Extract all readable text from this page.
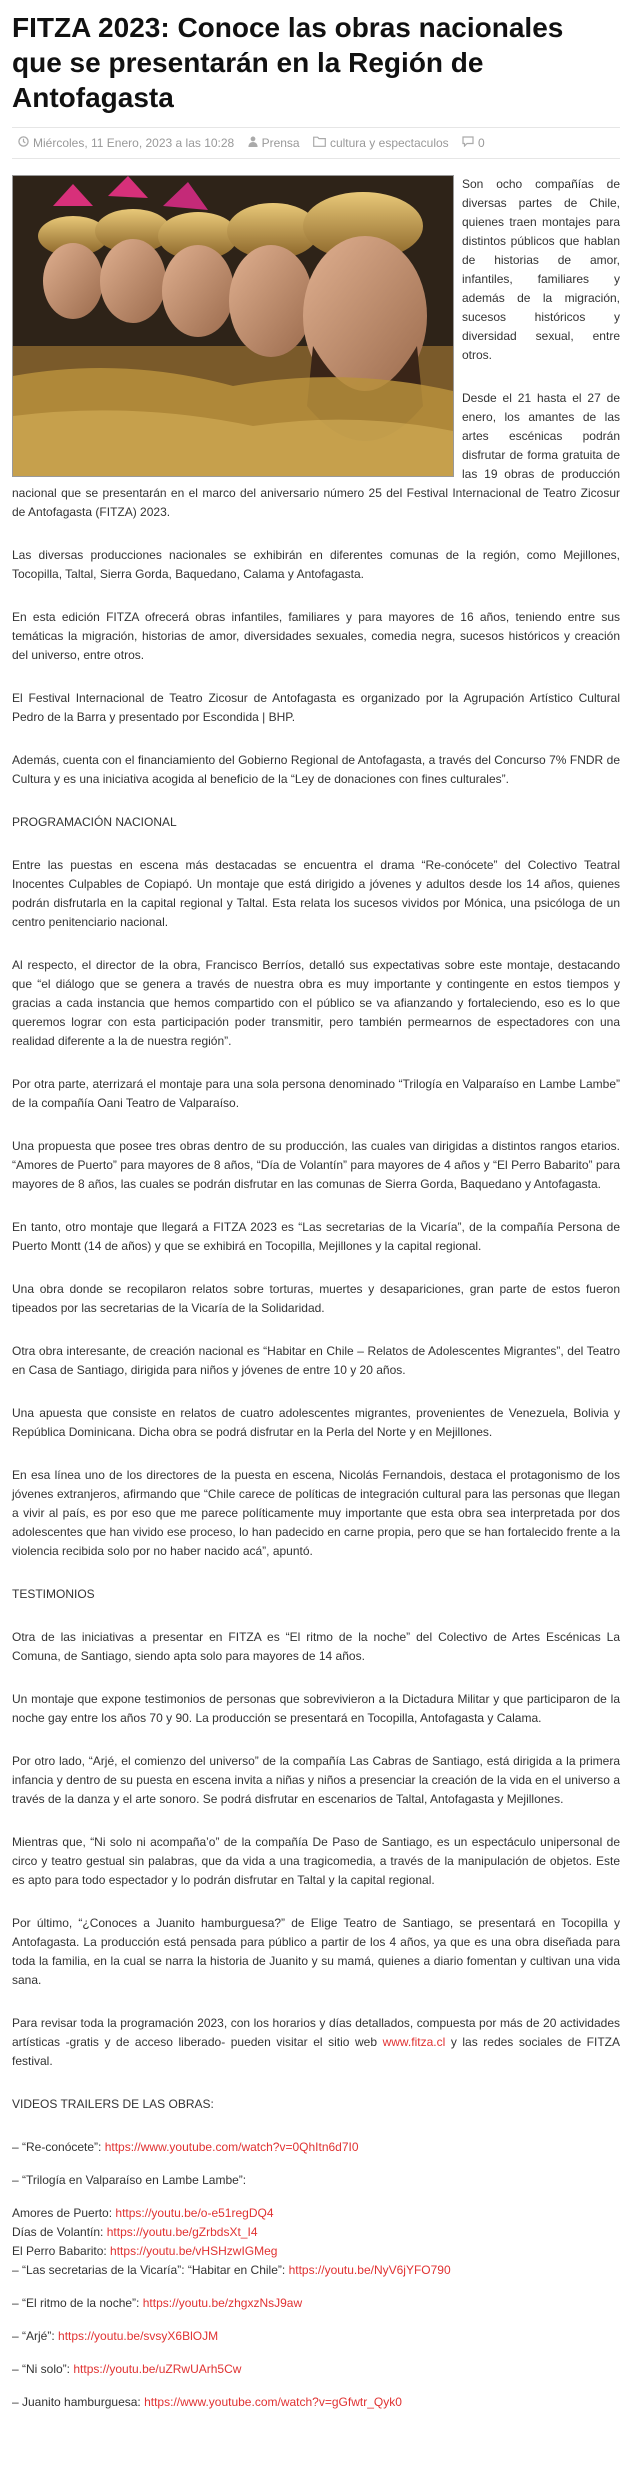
FITZA 2023: Conoce las obras nacionales que se presentarán en la Región de Antofagasta
Miércoles, 11 Enero, 2023 a las 10:28
Prensa
	cultura y espectaculos
0

Son ocho compañías de diversas partes de Chile, quienes traen montajes para distintos públicos que hablan de historias de amor, infantiles, familiares y además de la migración, sucesos históricos y diversidad sexual, entre otros.

Desde el 21 hasta el 27 de enero, los amantes de las artes escénicas podrán disfrutar de forma gratuita de las 19 obras de producción nacional que se presentarán en el marco del aniversario número 25 del Festival Internacional de Teatro Zicosur de Antofagasta (FITZA) 2023.

Las diversas producciones nacionales se exhibirán en diferentes comunas de la región, como Mejillones, Tocopilla, Taltal, Sierra Gorda, Baquedano, Calama y Antofagasta.

En esta edición FITZA ofrecerá obras infantiles, familiares y para mayores de 16 años, teniendo entre sus temáticas la migración, historias de amor, diversidades sexuales, comedia negra, sucesos históricos y creación del universo, entre otros.

El Festival Internacional de Teatro Zicosur de Antofagasta es organizado por la Agrupación Artístico Cultural Pedro de la Barra y presentado por Escondida | BHP.

Además, cuenta con el financiamiento del Gobierno Regional de Antofagasta, a través del Concurso 7% FNDR de Cultura y es una iniciativa acogida al beneficio de la “Ley de donaciones con fines culturales”.

PROGRAMACIÓN NACIONAL

Entre las puestas en escena más destacadas se encuentra el drama “Re-conócete” del Colectivo Teatral Inocentes Culpables de Copiapó. Un montaje que está dirigido a jóvenes y adultos desde los 14 años, quienes podrán disfrutarla en la capital regional y Taltal. Esta relata los sucesos vividos por Mónica, una psicóloga de un centro penitenciario nacional.

Al respecto, el director de la obra, Francisco Berríos, detalló sus expectativas sobre este montaje, destacando que “el diálogo que se genera a través de nuestra obra es muy importante y contingente en estos tiempos y gracias a cada instancia que hemos compartido con el público se va afianzando y fortaleciendo, eso es lo que queremos lograr con esta participación poder transmitir, pero también permearnos de espectadores con una realidad diferente a la de nuestra región”.

Por otra parte, aterrizará el montaje para una sola persona denominado “Trilogía en Valparaíso en Lambe Lambe” de la compañía Oani Teatro de Valparaíso.

Una propuesta que posee tres obras dentro de su producción, las cuales van dirigidas a distintos rangos etarios. “Amores de Puerto” para mayores de 8 años, “Día de Volantín” para mayores de 4 años y “El Perro Babarito” para mayores de 8 años, las cuales se podrán disfrutar en las comunas de Sierra Gorda, Baquedano y Antofagasta.

En tanto, otro montaje que llegará a FITZA 2023 es “Las secretarias de la Vicaría”, de la compañía Persona de Puerto Montt (14 de años) y que se exhibirá en Tocopilla, Mejillones y la capital regional.

Una obra donde se recopilaron relatos sobre torturas, muertes y desapariciones, gran parte de estos fueron tipeados por las secretarias de la Vicaría de la Solidaridad.

Otra obra interesante, de creación nacional es “Habitar en Chile – Relatos de Adolescentes Migrantes”, del Teatro en Casa de Santiago, dirigida para niños y jóvenes de entre 10 y 20 años.

Una apuesta que consiste en relatos de cuatro adolescentes migrantes, provenientes de Venezuela, Bolivia y República Dominicana. Dicha obra se podrá disfrutar en la Perla del Norte y en Mejillones.

En esa línea uno de los directores de la puesta en escena, Nicolás Fernandois, destaca el protagonismo de los jóvenes extranjeros, afirmando que “Chile carece de políticas de integración cultural para las personas que llegan a vivir al país, es por eso que me parece políticamente muy importante que esta obra sea interpretada por dos adolescentes que han vivido ese proceso, lo han padecido en carne propia, pero que se han fortalecido frente a la violencia recibida solo por no haber nacido acá”, apuntó.

TESTIMONIOS

Otra de las iniciativas a presentar en FITZA es “El ritmo de la noche” del Colectivo de Artes Escénicas La Comuna, de Santiago, siendo apta solo para mayores de 14 años.

Un montaje que expone testimonios de personas que sobrevivieron a la Dictadura Militar y que participaron de la noche gay entre los años 70 y 90. La producción se presentará en Tocopilla, Antofagasta y Calama.

Por otro lado, “Arjé, el comienzo del universo” de la compañía Las Cabras de Santiago, está dirigida a la primera infancia y dentro de su puesta en escena invita a niñas y niños a presenciar la creación de la vida en el universo a través de la danza y el arte sonoro. Se podrá disfrutar en escenarios de Taltal, Antofagasta y Mejillones.

Mientras que, “Ni solo ni acompaña’o” de la compañía De Paso de Santiago, es un espectáculo unipersonal de circo y teatro gestual sin palabras, que da vida a una tragicomedia, a través de la manipulación de objetos. Este es apto para todo espectador y lo podrán disfrutar en Taltal y la capital regional.

Por último, “¿Conoces a Juanito hamburguesa?” de Elige Teatro de Santiago, se presentará en Tocopilla y Antofagasta. La producción está pensada para público a partir de los 4 años, ya que es una obra diseñada para toda la familia, en la cual se narra la historia de Juanito y su mamá, quienes a diario fomentan y cultivan una vida sana.

Para revisar toda la programación 2023, con los horarios y días detallados, compuesta por más de 20 actividades artísticas -gratis y de acceso liberado- pueden visitar el sitio web www.fitza.cl y las redes sociales de FITZA festival.

VIDEOS TRAILERS DE LAS OBRAS:

– “Re-conócete”: https://www.youtube.com/watch?v=0QhItn6d7I0

– “Trilogía en Valparaíso en Lambe Lambe”:

Amores de Puerto: https://youtu.be/o-e51regDQ4

Días de Volantín: https://youtu.be/gZrbdsXt_I4

El Perro Babarito: https://youtu.be/vHSHzwIGMeg

– “Las secretarias de la Vicaría”: “Habitar en Chile”: https://youtu.be/NyV6jYFO790

– “El ritmo de la noche”: https://youtu.be/zhgxzNsJ9aw

– “Arjé”: https://youtu.be/svsyX6BlOJM

– “Ni solo”: https://youtu.be/uZRwUArh5Cw

– Juanito hamburguesa: https://www.youtube.com/watch?v=gGfwtr_Qyk0
